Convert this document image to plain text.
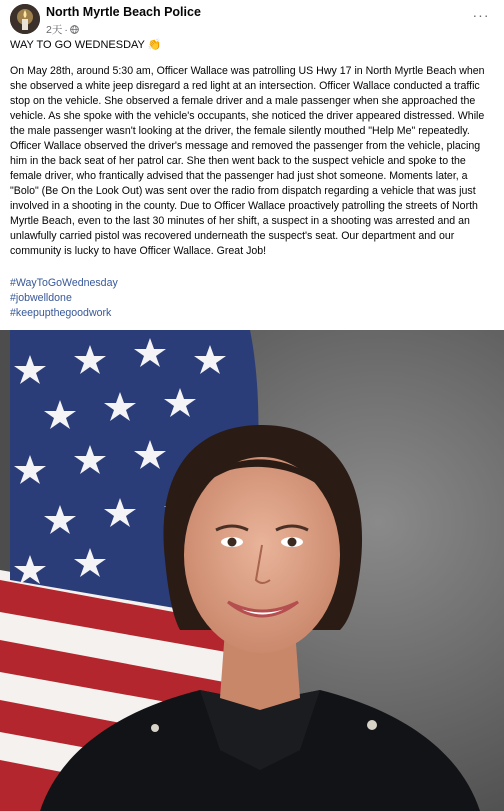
North Myrtle Beach Police
2天 ·
···

WAY TO GO WEDNESDAY 👏

On May 28th, around 5:30 am, Officer Wallace was patrolling US Hwy 17 in North Myrtle Beach when she observed a white jeep disregard a red light at an intersection. Officer Wallace conducted a traffic stop on the vehicle. She observed a female driver and a male passenger when she approached the vehicle. As she spoke with the vehicle's occupants, she noticed the driver appeared distressed. While the male passenger wasn't looking at the driver, the female silently mouthed "Help Me" repeatedly. Officer Wallace observed the driver's message and removed the passenger from the vehicle, placing him in the back seat of her patrol car. She then went back to the suspect vehicle and spoke to the female driver, who frantically advised that the passenger had just shot someone. Moments later, a "Bolo" (Be On the Look Out) was sent over the radio from dispatch regarding a vehicle that was just involved in a shooting in the county. Due to Officer Wallace proactively patrolling the streets of North Myrtle Beach, even to the last 30 minutes of her shift, a suspect in a shooting was arrested and an unlawfully carried pistol was recovered underneath the suspect's seat. Our department and our community is lucky to have Officer Wallace. Great Job!

#WayToGoWednesday
#jobwelldone
#keepupthegoodwork
